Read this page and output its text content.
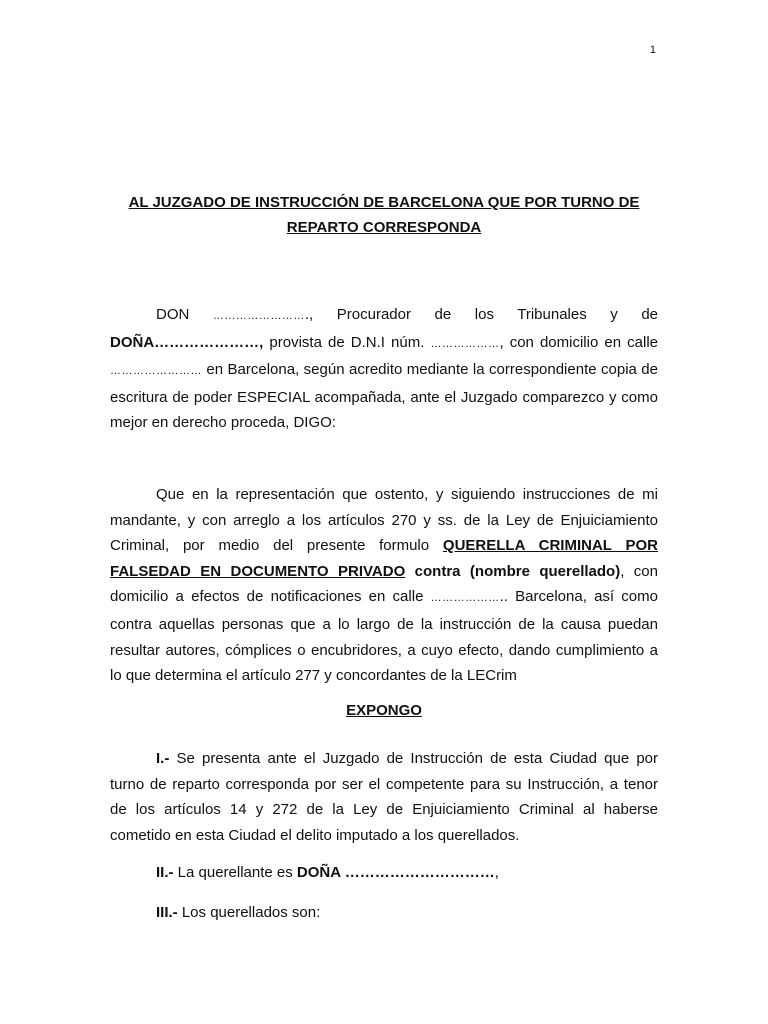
1
AL JUZGADO DE INSTRUCCIÓN DE BARCELONA QUE POR TURNO DE REPARTO CORRESPONDA
DON ……………………., Procurador de los Tribunales y de DOÑA…………………, provista de D.N.I núm. ………………, con domicilio en calle …………………… en Barcelona, según acredito mediante la correspondiente copia de escritura de poder ESPECIAL acompañada, ante el Juzgado comparezco y como mejor en derecho proceda, DIGO:
Que en la representación que ostento, y siguiendo instrucciones de mi mandante, y con arreglo a los artículos 270 y ss. de la Ley de Enjuiciamiento Criminal, por medio del presente formulo QUERELLA CRIMINAL POR FALSEDAD EN DOCUMENTO PRIVADO contra (nombre querellado), con domicilio a efectos de notificaciones en calle ……………….. Barcelona, así como contra aquellas personas que a lo largo de la instrucción de la causa puedan resultar autores, cómplices o encubridores, a cuyo efecto, dando cumplimiento a lo que determina el artículo 277 y concordantes de la LECrim
EXPONGO
I.- Se presenta ante el Juzgado de Instrucción de esta Ciudad que por turno de reparto corresponda por ser el competente para su Instrucción, a tenor de los artículos 14 y 272 de la Ley de Enjuiciamiento Criminal al haberse cometido en esta Ciudad el delito imputado a los querellados.
II.- La querellante es DOÑA …………………………,
III.- Los querellados son:
